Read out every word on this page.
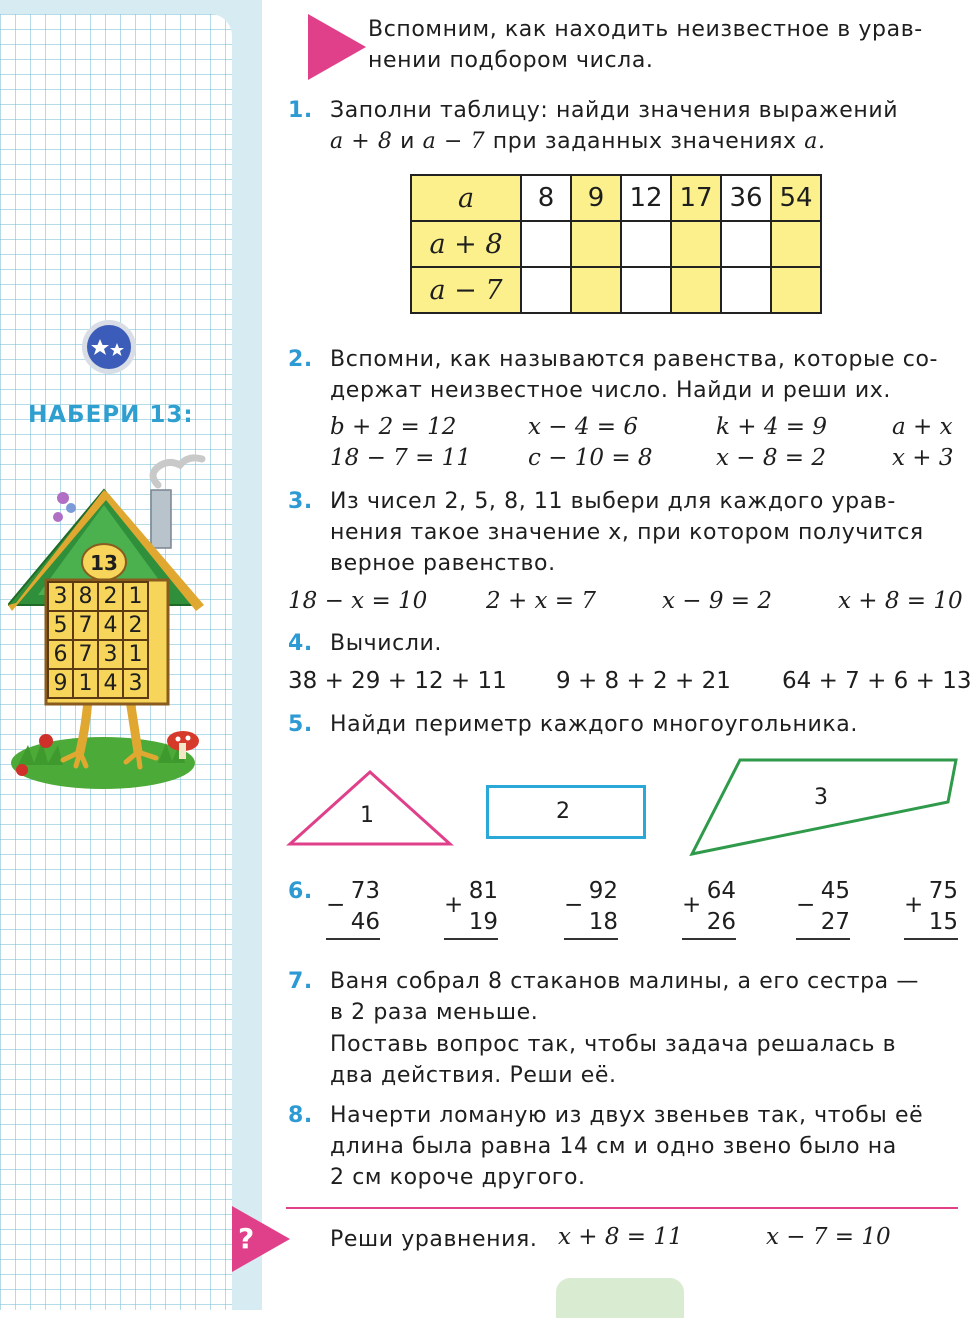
НАБЕРИ 13:
13
3	8	2	1
5	7	4	2
6	7	3	1
9	1	4	3
Вспомним, как находить неизвестное в урав-
нении подбором числа.
1. Заполни таблицу: найди значения выражений
a + 8 и a − 7 при заданных значениях a.
a	8	9	12	17	36	54
a + 8						
a − 7						
2. Вспомни, как называются равенства, которые со-
держат неизвестное число. Найди и реши их.
b + 2 = 12	x − 4 = 6	k + 4 = 9	a + x
18 − 7 = 11 c − 10 = 8	x − 8 = 2	x + 3
3. Из чисел 2, 5, 8, 11 выбери для каждого урав-
нения такое значение x, при котором получится
верное равенство.
18 − x = 10	2 + x = 7	x − 9 = 2	x + 8 = 10
4. Вычисли.
38 + 29 + 12 + 11 9 + 8 + 2 + 21 64 + 7 + 6 + 13
5. Найди периметр каждого многоугольника.
1	2
3
6.
−
73
46
+
81
19
−
92
18
+
64
26
−
45
27
+
75
15
7. Ваня собрал 8 стаканов малины, а его сестра —
в 2 раза меньше.
Поставь вопрос так, чтобы задача решалась в
два действия. Реши её.
8. Начерти ломаную из двух звеньев так, чтобы её
длина была равна 14 см и одно звено было на
2 см короче другого.
?	Реши уравнения. x + 8 = 11	x − 7 = 10
